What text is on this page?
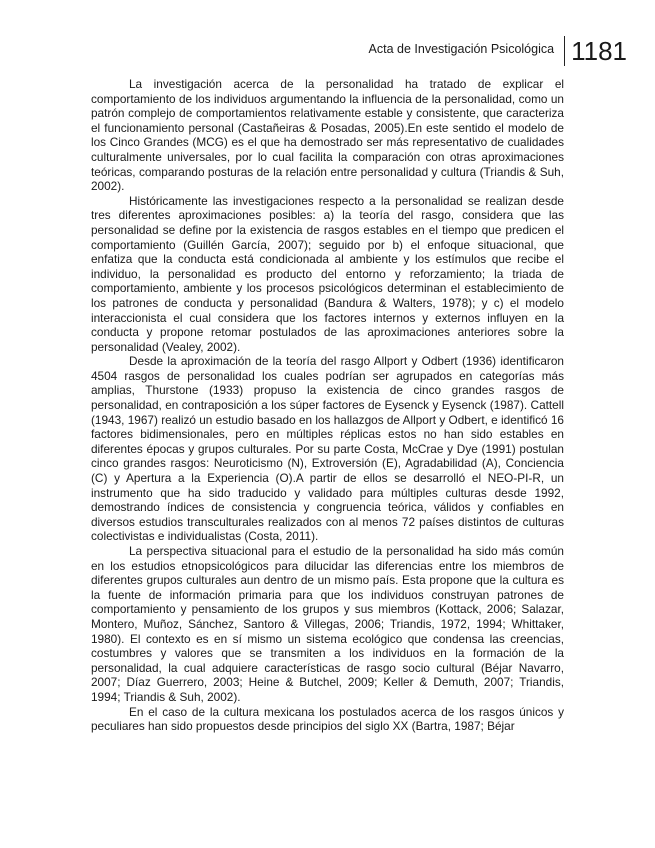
Acta de Investigación Psicológica 1181

La investigación acerca de la personalidad ha tratado de explicar el comportamiento de los individuos argumentando la influencia de la personalidad, como un patrón complejo de comportamientos relativamente estable y consistente, que caracteriza el funcionamiento personal (Castañeiras & Posadas, 2005).En este sentido el modelo de los Cinco Grandes (MCG) es el que ha demostrado ser más representativo de cualidades culturalmente universales, por lo cual facilita la comparación con otras aproximaciones teóricas, comparando posturas de la relación entre personalidad y cultura (Triandis & Suh, 2002).

Históricamente las investigaciones respecto a la personalidad se realizan desde tres diferentes aproximaciones posibles: a) la teoría del rasgo, considera que las personalidad se define por la existencia de rasgos estables en el tiempo que predicen el comportamiento (Guillén García, 2007); seguido por b) el enfoque situacional, que enfatiza que la conducta está condicionada al ambiente y los estímulos que recibe el individuo, la personalidad es producto del entorno y reforzamiento; la triada de comportamiento, ambiente y los procesos psicológicos determinan el establecimiento de los patrones de conducta y personalidad (Bandura & Walters, 1978); y c) el modelo interaccionista el cual considera que los factores internos y externos influyen en la conducta y propone retomar postulados de las aproximaciones anteriores sobre la personalidad (Vealey, 2002).

Desde la aproximación de la teoría del rasgo Allport y Odbert (1936) identificaron 4504 rasgos de personalidad los cuales podrían ser agrupados en categorías más amplias, Thurstone (1933) propuso la existencia de cinco grandes rasgos de personalidad, en contraposición a los súper factores de Eysenck y Eysenck (1987). Cattell (1943, 1967) realizó un estudio basado en los hallazgos de Allport y Odbert, e identificó 16 factores bidimensionales, pero en múltiples réplicas estos no han sido estables en diferentes épocas y grupos culturales. Por su parte Costa, McCrae y Dye (1991) postulan cinco grandes rasgos: Neuroticismo (N), Extroversión (E), Agradabilidad (A), Conciencia (C) y Apertura a la Experiencia (O).A partir de ellos se desarrolló el NEO-PI-R, un instrumento que ha sido traducido y validado para múltiples culturas desde 1992, demostrando índices de consistencia y congruencia teórica, válidos y confiables en diversos estudios transculturales realizados con al menos 72 países distintos de culturas colectivistas e individualistas (Costa, 2011).

La perspectiva situacional para el estudio de la personalidad ha sido más común en los estudios etnopsicológicos para dilucidar las diferencias entre los miembros de diferentes grupos culturales aun dentro de un mismo país. Esta propone que la cultura es la fuente de información primaria para que los individuos construyan patrones de comportamiento y pensamiento de los grupos y sus miembros (Kottack, 2006; Salazar, Montero, Muñoz, Sánchez, Santoro & Villegas, 2006; Triandis, 1972, 1994; Whittaker, 1980). El contexto es en sí mismo un sistema ecológico que condensa las creencias, costumbres y valores que se transmiten a los individuos en la formación de la personalidad, la cual adquiere características de rasgo socio cultural (Béjar Navarro, 2007; Díaz Guerrero, 2003; Heine & Butchel, 2009; Keller & Demuth, 2007; Triandis, 1994; Triandis & Suh, 2002).

En el caso de la cultura mexicana los postulados acerca de los rasgos únicos y peculiares han sido propuestos desde principios del siglo XX (Bartra, 1987; Béjar
